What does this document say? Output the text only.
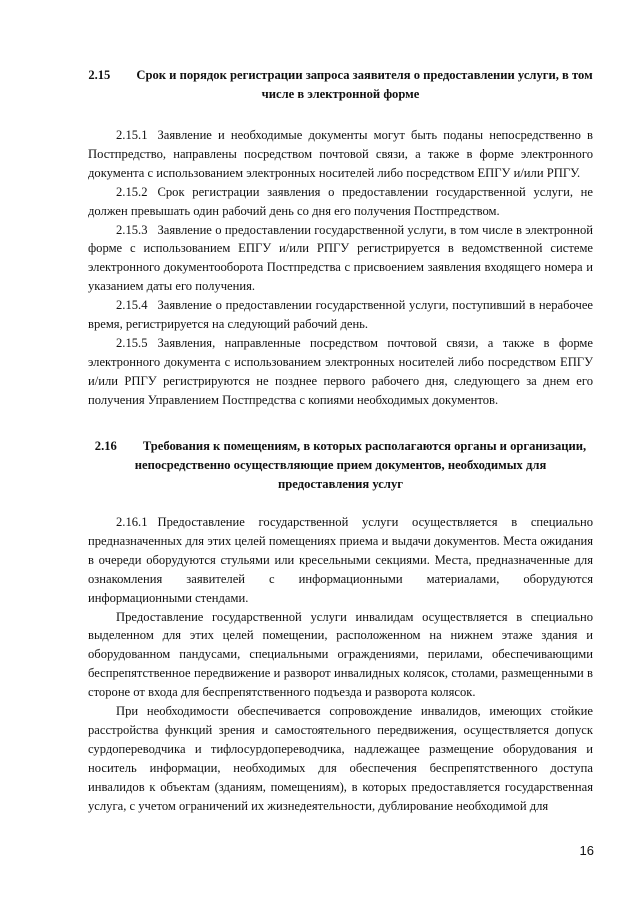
2.15 Срок и порядок регистрации запроса заявителя о предоставлении услуги, в том числе в электронной форме

2.15.1 Заявление и необходимые документы могут быть поданы непосредственно в Постпредство, направлены посредством почтовой связи, а также в форме электронного документа с использованием электронных носителей либо посредством ЕПГУ и/или РПГУ.

2.15.2 Срок регистрации заявления о предоставлении государственной услуги, не должен превышать один рабочий день со дня его получения Постпредством.

2.15.3 Заявление о предоставлении государственной услуги, в том числе в электронной форме с использованием ЕПГУ и/или РПГУ регистрируется в ведомственной системе электронного документооборота Постпредства с присвоением заявления входящего номера и указанием даты его получения.

2.15.4 Заявление о предоставлении государственной услуги, поступивший в нерабочее время, регистрируется на следующий рабочий день.

2.15.5 Заявления, направленные посредством почтовой связи, а также в форме электронного документа с использованием электронных носителей либо посредством ЕПГУ и/или РПГУ регистрируются не позднее первого рабочего дня, следующего за днем его получения Управлением Постпредства с копиями необходимых документов.

2.16 Требования к помещениям, в которых располагаются органы и организации, непосредственно осуществляющие прием документов, необходимых для предоставления услуг

2.16.1 Предоставление государственной услуги осуществляется в специально предназначенных для этих целей помещениях приема и выдачи документов. Места ожидания в очереди оборудуются стульями или кресельными секциями. Места, предназначенные для ознакомления заявителей с информационными материалами, оборудуются информационными стендами.

Предоставление государственной услуги инвалидам осуществляется в специально выделенном для этих целей помещении, расположенном на нижнем этаже здания и оборудованном пандусами, специальными ограждениями, перилами, обеспечивающими беспрепятственное передвижение и разворот инвалидных колясок, столами, размещенными в стороне от входа для беспрепятственного подъезда и разворота колясок.

При необходимости обеспечивается сопровождение инвалидов, имеющих стойкие расстройства функций зрения и самостоятельного передвижения, осуществляется допуск сурдопереводчика и тифлосурдопереводчика, надлежащее размещение оборудования и носитель информации, необходимых для обеспечения беспрепятственного доступа инвалидов к объектам (зданиям, помещениям), в которых предоставляется государственная услуга, с учетом ограничений их жизнедеятельности, дублирование необходимой для

16
